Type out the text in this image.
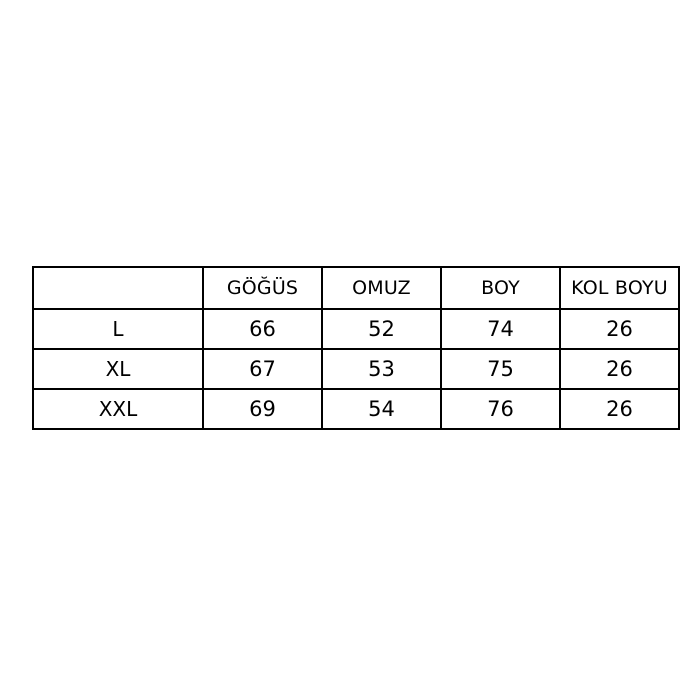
	GÖĞÜS	OMUZ	BOY	KOL BOYU
L	66	52	74	26
XL	67	53	75	26
XXL	69	54	76	26
